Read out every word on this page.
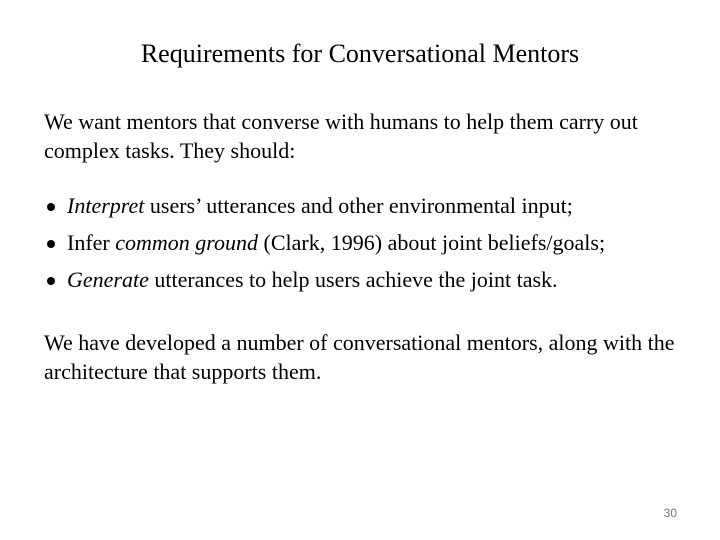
Requirements for Conversational Mentors

We want mentors that converse with humans to help them carry out complex tasks. They should:

Interpret users’ utterances and other environmental input;
Infer common ground (Clark, 1996) about joint beliefs/goals;
Generate utterances to help users achieve the joint task.

We have developed a number of conversational mentors, along with the architecture that supports them.

30
